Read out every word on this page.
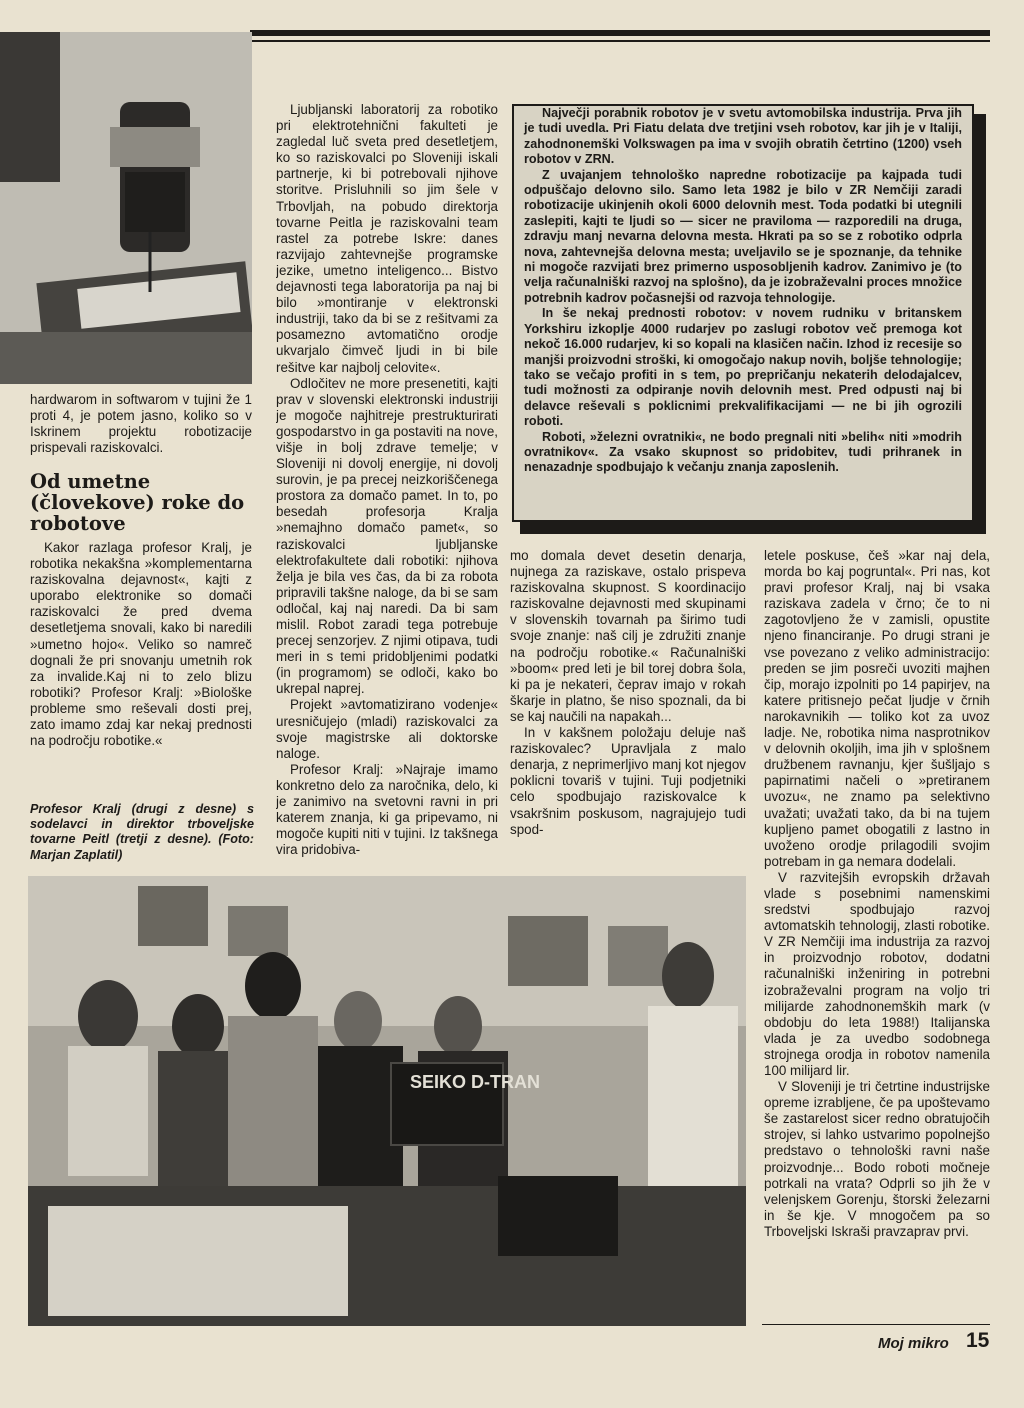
hardwarom in softwarom v tujini že 1 proti 4, je potem jasno, koliko so v Iskrinem projektu robotizacije prispevali raziskovalci.

Od umetne (človekove) roke do robotove

Kakor razlaga profesor Kralj, je robotika nekakšna »komplementarna raziskovalna dejavnost«, kajti z uporabo elektronike so domači raziskovalci že pred dvema desetletjema snovali, kako bi naredili »umetno hojo«. Veliko so namreč dognali že pri snovanju umetnih rok za invalide.Kaj ni to zelo blizu robotiki? Profesor Kralj: »Biološke probleme smo reševali dosti prej, zato imamo zdaj kar nekaj prednosti na področju robotike.«

Profesor Kralj (drugi z desne) s sodelavci in direktor trboveljske tovarne Peitl (tretji z desne). (Foto: Marjan Zaplatil)

Ljubljanski laboratorij za robotiko pri elektrotehnični fakulteti je zagledal luč sveta pred desetletjem, ko so raziskovalci po Sloveniji iskali partnerje, ki bi potrebovali njihove storitve. Prisluhnili so jim šele v Trbovljah, na pobudo direktorja tovarne Peitla je raziskovalni team rastel za potrebe Iskre: danes razvijajo zahtevnejše programske jezike, umetno inteligenco... Bistvo dejavnosti tega laboratorija pa naj bi bilo »montiranje v elektronski industriji, tako da bi se z rešitvami za posamezno avtomatično orodje ukvarjalo čimveč ljudi in bi bile rešitve kar najbolj celovite«.

Odločitev ne more presenetiti, kajti prav v slovenski elektronski industriji je mogoče najhitreje prestrukturirati gospodarstvo in ga postaviti na nove, višje in bolj zdrave temelje; v Sloveniji ni dovolj energije, ni dovolj surovin, je pa precej neizkoriščenega prostora za domačo pamet. In to, po besedah profesorja Kralja »nemajhno domačo pamet«, so raziskovalci ljubljanske elektrofakultete dali robotiki: njihova želja je bila ves čas, da bi za robota pripravili takšne naloge, da bi se sam odločal, kaj naj naredi. Da bi sam mislil. Robot zaradi tega potrebuje precej senzorjev. Z njimi otipava, tudi meri in s temi pridobljenimi podatki (in programom) se odloči, kako bo ukrepal naprej.

Projekt »avtomatizirano vodenje« uresničujejo (mladi) raziskovalci za svoje magistrske ali doktorske naloge.

Profesor Kralj: »Najraje imamo konkretno delo za naročnika, delo, ki je zanimivo na svetovni ravni in pri katerem znanja, ki ga pripevamo, ni mogoče kupiti niti v tujini. Iz takšnega vira pridobiva-

Največji porabnik robotov je v svetu avtomobilska industrija. Prva jih je tudi uvedla. Pri Fiatu delata dve tretjini vseh robotov, kar jih je v Italiji, zahodnonemški Volkswagen pa ima v svojih obratih četrtino (1200) vseh robotov v ZRN.

Z uvajanjem tehnološko napredne robotizacije pa kajpada tudi odpuščajo delovno silo. Samo leta 1982 je bilo v ZR Nemčiji zaradi robotizacije ukinjenih okoli 6000 delovnih mest. Toda podatki bi utegnili zaslepiti, kajti te ljudi so — sicer ne praviloma — razporedili na druga, zdravju manj nevarna delovna mesta. Hkrati pa so se z robotiko odprla nova, zahtevnejša delovna mesta; uveljavilo se je spoznanje, da tehnike ni mogoče razvijati brez primerno usposobljenih kadrov. Zanimivo je (to velja računalniški razvoj na splošno), da je izobraževalni proces množice potrebnih kadrov počasnejši od razvoja tehnologije.

In še nekaj prednosti robotov: v novem rudniku v britanskem Yorkshiru izkoplje 4000 rudarjev po zaslugi robotov več premoga kot nekoč 16.000 rudarjev, ki so kopali na klasičen način. Izhod iz recesije so manjši proizvodni stroški, ki omogočajo nakup novih, boljše tehnologije; tako se večajo profiti in s tem, po prepričanju nekaterih delodajalcev, tudi možnosti za odpiranje novih delovnih mest. Pred odpusti naj bi delavce reševali s poklicnimi prekvalifikacijami — ne bi jih ogrozili roboti.

Roboti, »železni ovratniki«, ne bodo pregnali niti »belih« niti »modrih ovratnikov«. Za vsako skupnost so pridobitev, tudi prihranek in nenazadnje spodbujajo k večanju znanja zaposlenih.

mo domala devet desetin denarja, nujnega za raziskave, ostalo prispeva raziskovalna skupnost. S koordinacijo raziskovalne dejavnosti med skupinami v slovenskih tovarnah pa širimo tudi svoje znanje: naš cilj je združiti znanje na področju robotike.« Računalniški »boom« pred leti je bil torej dobra šola, ki pa je nekateri, čeprav imajo v rokah škarje in platno, še niso spoznali, da bi se kaj naučili na napakah...

In v kakšnem položaju deluje naš raziskovalec? Upravljala z malo denarja, z neprimerljivo manj kot njegov poklicni tovariš v tujini. Tuji podjetniki celo spodbujajo raziskovalce k vsakršnim poskusom, nagrajujejo tudi spod-

letele poskuse, češ »kar naj dela, morda bo kaj pogruntal«. Pri nas, kot pravi profesor Kralj, naj bi vsaka raziskava zadela v črno; če to ni zagotovljeno že v zamisli, opustite njeno financiranje. Po drugi strani je vse povezano z veliko administracijo: preden se jim posreči uvoziti majhen čip, morajo izpolniti po 14 papirjev, na katere pritisnejo pečat ljudje v črnih narokavnikih — toliko kot za uvoz ladje. Ne, robotika nima nasprotnikov v delovnih okoljih, ima jih v splošnem družbenem ravnanju, kjer šušljajo s papirnatimi načeli o »pretiranem uvozu«, ne znamo pa selektivno uvažati; uvažati tako, da bi na tujem kupljeno pamet obogatili z lastno in uvoženo orodje prilagodili svojim potrebam in ga nemara dodelali.

V razvitejših evropskih državah vlade s posebnimi namenskimi sredstvi spodbujajo razvoj avtomatskih tehnologij, zlasti robotike. V ZR Nemčiji ima industrija za razvoj in proizvodnjo robotov, dodatni računalniški inženiring in potrebni izobraževalni program na voljo tri milijarde zahodnonemških mark (v obdobju do leta 1988!) Italijanska vlada je za uvedbo sodobnega strojnega orodja in robotov namenila 100 milijard lir.

V Sloveniji je tri četrtine industrijske opreme izrabljene, če pa upoštevamo še zastarelost sicer redno obratujočih strojev, si lahko ustvarimo popolnejšo predstavo o tehnološki ravni naše proizvodnje... Bodo roboti močneje potrkali na vrata? Odprli so jih že v velenjskem Gorenju, štorski železarni in še kje. V mnogočem pa so Trboveljski Iskraši pravzaprav prvi.

SEIKO D-TRAN
Moj mikro 15
